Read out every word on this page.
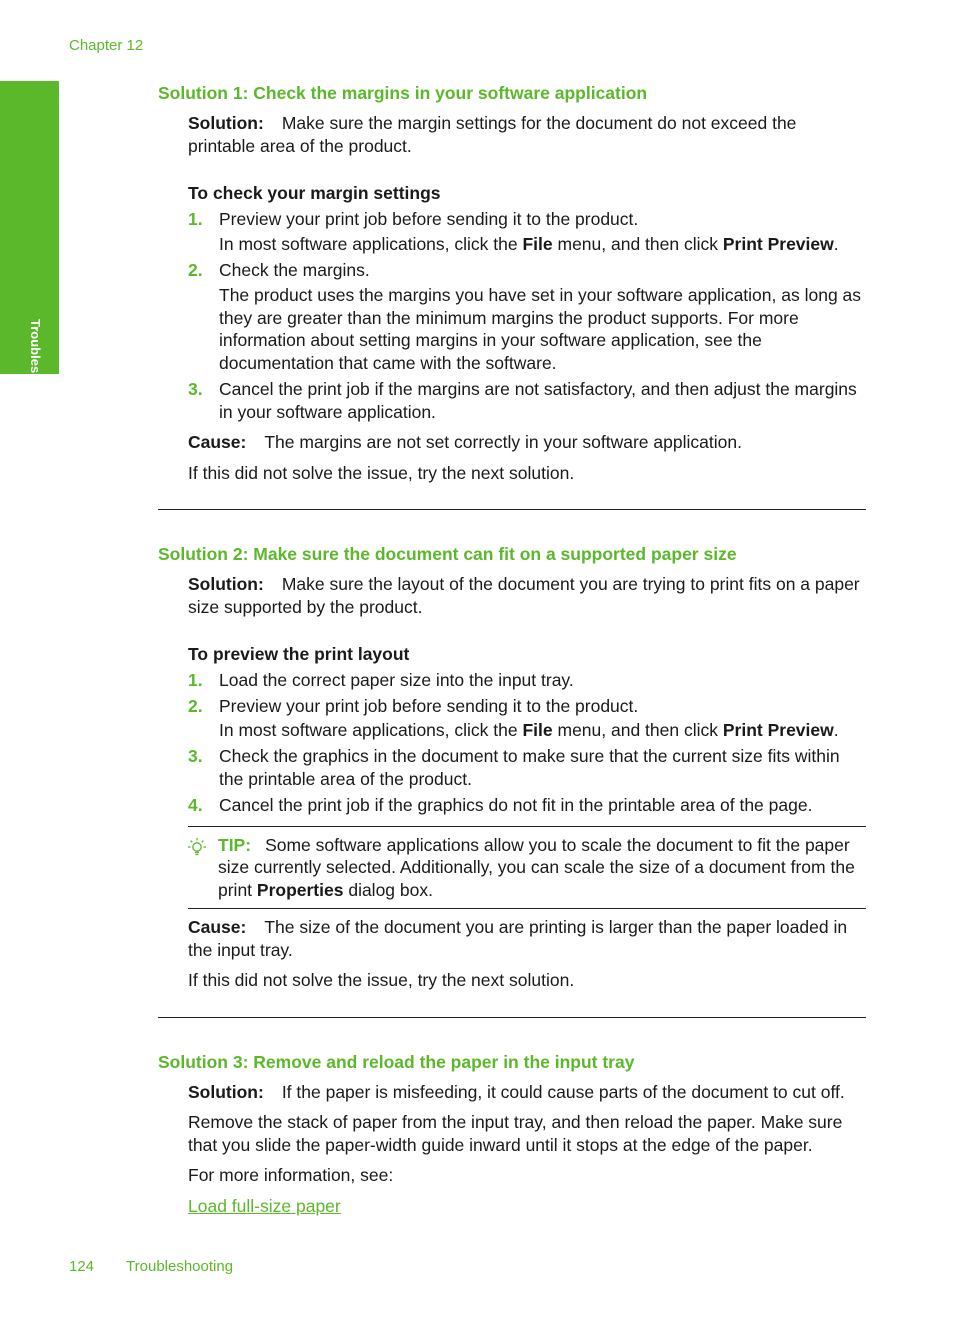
Chapter 12
Troubleshooting
Solution 1: Check the margins in your software application

Solution: Make sure the margin settings for the document do not exceed the printable area of the product.

To check your margin settings
1. Preview your print job before sending it to the product.
In most software applications, click the File menu, and then click Print Preview.
2. Check the margins.
The product uses the margins you have set in your software application, as long as they are greater than the minimum margins the product supports. For more information about setting margins in your software application, see the documentation that came with the software.
3. Cancel the print job if the margins are not satisfactory, and then adjust the margins in your software application.

Cause: The margins are not set correctly in your software application.

If this did not solve the issue, try the next solution.

Solution 2: Make sure the document can fit on a supported paper size

Solution: Make sure the layout of the document you are trying to print fits on a paper size supported by the product.

To preview the print layout
1. Load the correct paper size into the input tray.
2. Preview your print job before sending it to the product.
In most software applications, click the File menu, and then click Print Preview.
3. Check the graphics in the document to make sure that the current size fits within the printable area of the product.
4. Cancel the print job if the graphics do not fit in the printable area of the page.
TIP: Some software applications allow you to scale the document to fit the paper size currently selected. Additionally, you can scale the size of a document from the print Properties dialog box.

Cause: The size of the document you are printing is larger than the paper loaded in the input tray.

If this did not solve the issue, try the next solution.

Solution 3: Remove and reload the paper in the input tray

Solution: If the paper is misfeeding, it could cause parts of the document to cut off.

Remove the stack of paper from the input tray, and then reload the paper. Make sure that you slide the paper-width guide inward until it stops at the edge of the paper.

For more information, see:

Load full-size paper

124 Troubleshooting
